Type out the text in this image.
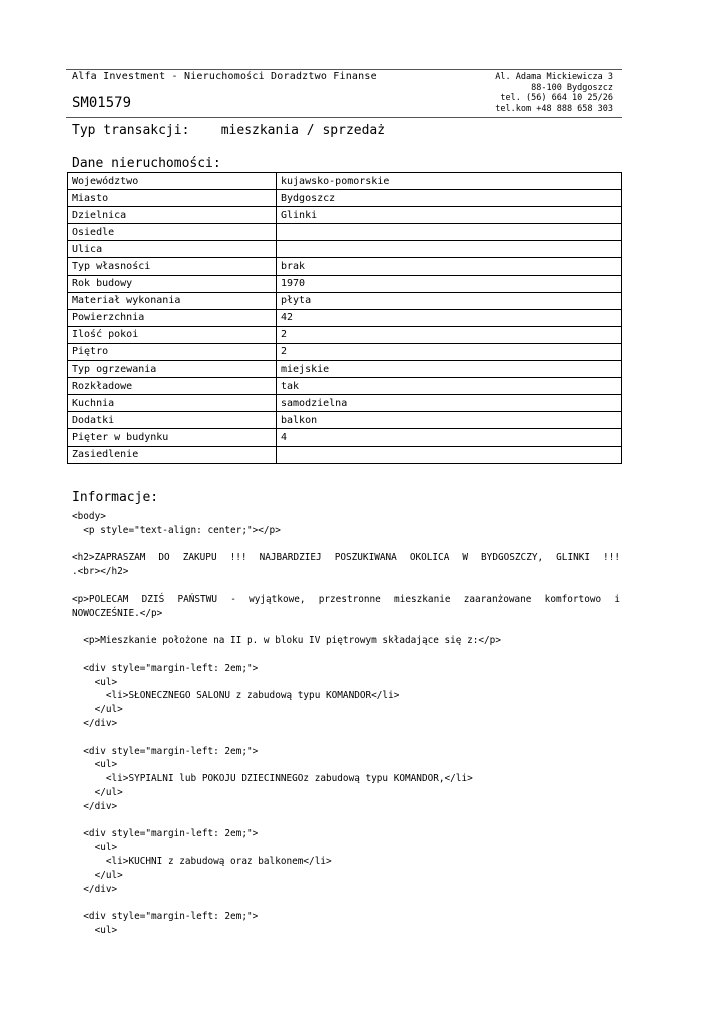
Alfa Investment - Nieruchomości Doradztwo Finanse
SM01579
Al. Adama Mickiewicza 3
88-100 Bydgoszcz
tel. (56) 664 10 25/26
tel.kom +48 888 658 303
Typ transakcji: mieszkania / sprzedaż
Dane nieruchomości:
Województwo	kujawsko-pomorskie
Miasto	Bydgoszcz
Dzielnica	Glinki
Osiedle	
Ulica	
Typ własności	brak
Rok budowy	1970
Materiał wykonania	płyta
Powierzchnia	42
Ilość pokoi	2
Piętro	2
Typ ogrzewania	miejskie
Rozkładowe	tak
Kuchnia	samodzielna
Dodatki	balkon
Pięter w budynku	4
Zasiedlenie	
Informacje:
<body>
<p style="text-align: center;"></p>
<h2>ZAPRASZAM DO ZAKUPU !!! NAJBARDZIEJ POSZUKIWANA OKOLICA W BYDGOSZCZY, GLINKI !!!
.<br></h2>
<p>POLECAM DZIŚ PAŃSTWU - wyjątkowe, przestronne mieszkanie zaaranżowane komfortowo i
NOWOCZEŚNIE.</p>
<p>Mieszkanie położone na II p. w bloku IV piętrowym składające się z:</p>
<div style="margin-left: 2em;">
<ul>
<li>SŁONECZNEGO SALONU z zabudową typu KOMANDOR</li>
</ul>
</div>
<div style="margin-left: 2em;">
<ul>
<li>SYPIALNI lub POKOJU DZIECINNEGOz zabudową typu KOMANDOR,</li>
</ul>
</div>
<div style="margin-left: 2em;">
<ul>
<li>KUCHNI z zabudową oraz balkonem</li>
</ul>
</div>
<div style="margin-left: 2em;">
<ul>
